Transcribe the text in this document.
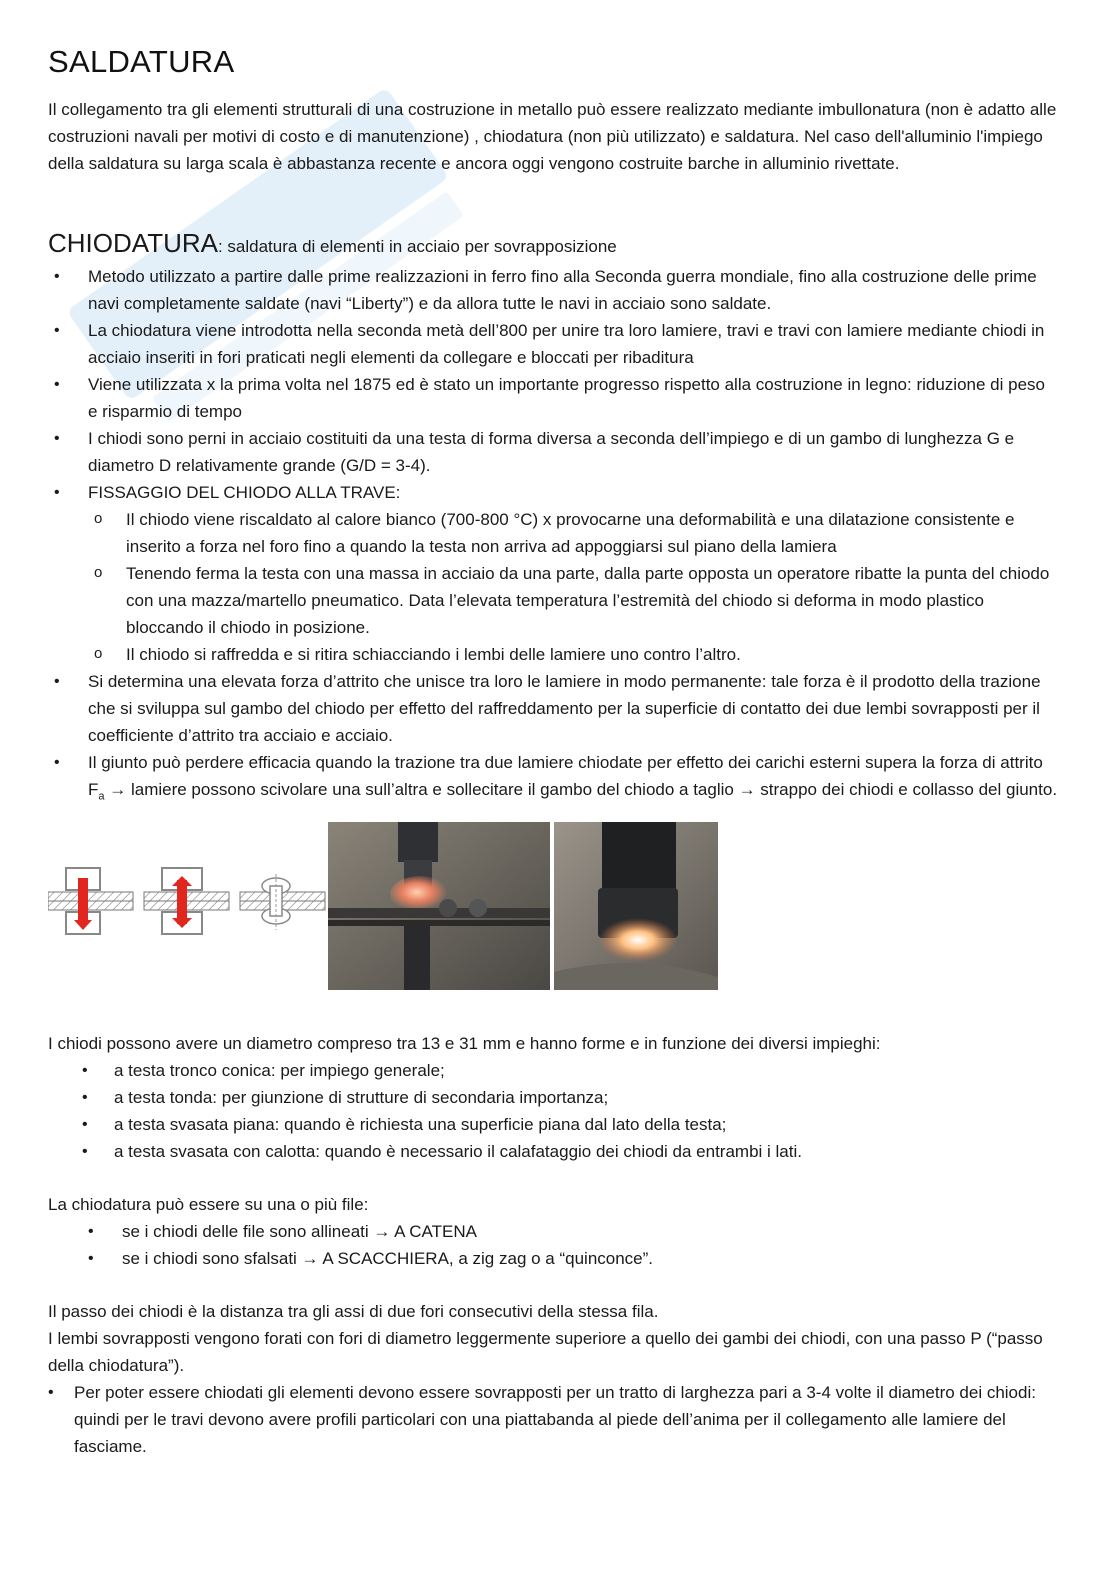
SALDATURA

Il collegamento tra gli elementi strutturali di una costruzione in metallo può essere realizzato mediante imbullonatura (non è adatto alle costruzioni navali per motivi di costo e di manutenzione) , chiodatura (non più utilizzato) e saldatura. Nel caso dell'alluminio l'impiego della saldatura su larga scala è abbastanza recente e ancora oggi vengono costruite barche in alluminio rivettate.

CHIODATURA: saldatura di elementi in acciaio per sovrapposizione
• Metodo utilizzato a partire dalle prime realizzazioni in ferro fino alla Seconda guerra mondiale, fino alla costruzione delle prime navi completamente saldate (navi “Liberty”) e da allora tutte le navi in acciaio sono saldate.
• La chiodatura viene introdotta nella seconda metà dell’800 per unire tra loro lamiere, travi e travi con lamiere mediante chiodi in acciaio inseriti in fori praticati negli elementi da collegare e bloccati per ribaditura
• Viene utilizzata x la prima volta nel 1875 ed è stato un importante progresso rispetto alla costruzione in legno: riduzione di peso e risparmio di tempo
• I chiodi sono perni in acciaio costituiti da una testa di forma diversa a seconda dell’impiego e di un gambo di lunghezza G e diametro D relativamente grande (G/D = 3-4).
• FISSAGGIO DEL CHIODO ALLA TRAVE:
o Il chiodo viene riscaldato al calore bianco (700-800 °C) x provocarne una deformabilità e una dilatazione consistente e inserito a forza nel foro fino a quando la testa non arriva ad appoggiarsi sul piano della lamiera
o Tenendo ferma la testa con una massa in acciaio da una parte, dalla parte opposta un operatore ribatte la punta del chiodo con una mazza/martello pneumatico. Data l’elevata temperatura l’estremità del chiodo si deforma in modo plastico bloccando il chiodo in posizione.
o Il chiodo si raffredda e si ritira schiacciando i lembi delle lamiere uno contro l’altro.
• Si determina una elevata forza d’attrito che unisce tra loro le lamiere in modo permanente: tale forza è il prodotto della trazione che si sviluppa sul gambo del chiodo per effetto del raffreddamento per la superficie di contatto dei due lembi sovrapposti per il coefficiente d’attrito tra acciaio e acciaio.
• Il giunto può perdere efficacia quando la trazione tra due lamiere chiodate per effetto dei carichi esterni supera la forza di attrito $F_a$ → lamiere possono scivolare una sull’altra e sollecitare il gambo del chiodo a taglio → strappo dei chiodi e collasso del giunto.

I chiodi possono avere un diametro compreso tra 13 e 31 mm e hanno forme e in funzione dei diversi impieghi:

• a testa tronco conica: per impiego generale;
• a testa tonda: per giunzione di strutture di secondaria importanza;
• a testa svasata piana: quando è richiesta una superficie piana dal lato della testa;
• a testa svasata con calotta: quando è necessario il calafataggio dei chiodi da entrambi i lati.

La chiodatura può essere su una o più file:

• se i chiodi delle file sono allineati → A CATENA
• se i chiodi sono sfalsati → A SCACCHIERA, a zig zag o a “quinconce”.

Il passo dei chiodi è la distanza tra gli assi di due fori consecutivi della stessa fila.

I lembi sovrapposti vengono forati con fori di diametro leggermente superiore a quello dei gambi dei chiodi, con una passo P (“passo della chiodatura”).

• Per poter essere chiodati gli elementi devono essere sovrapposti per un tratto di larghezza pari a 3-4 volte il diametro dei chiodi: quindi per le travi devono avere profili particolari con una piattabanda al piede dell’anima per il collegamento alle lamiere del fasciame.
